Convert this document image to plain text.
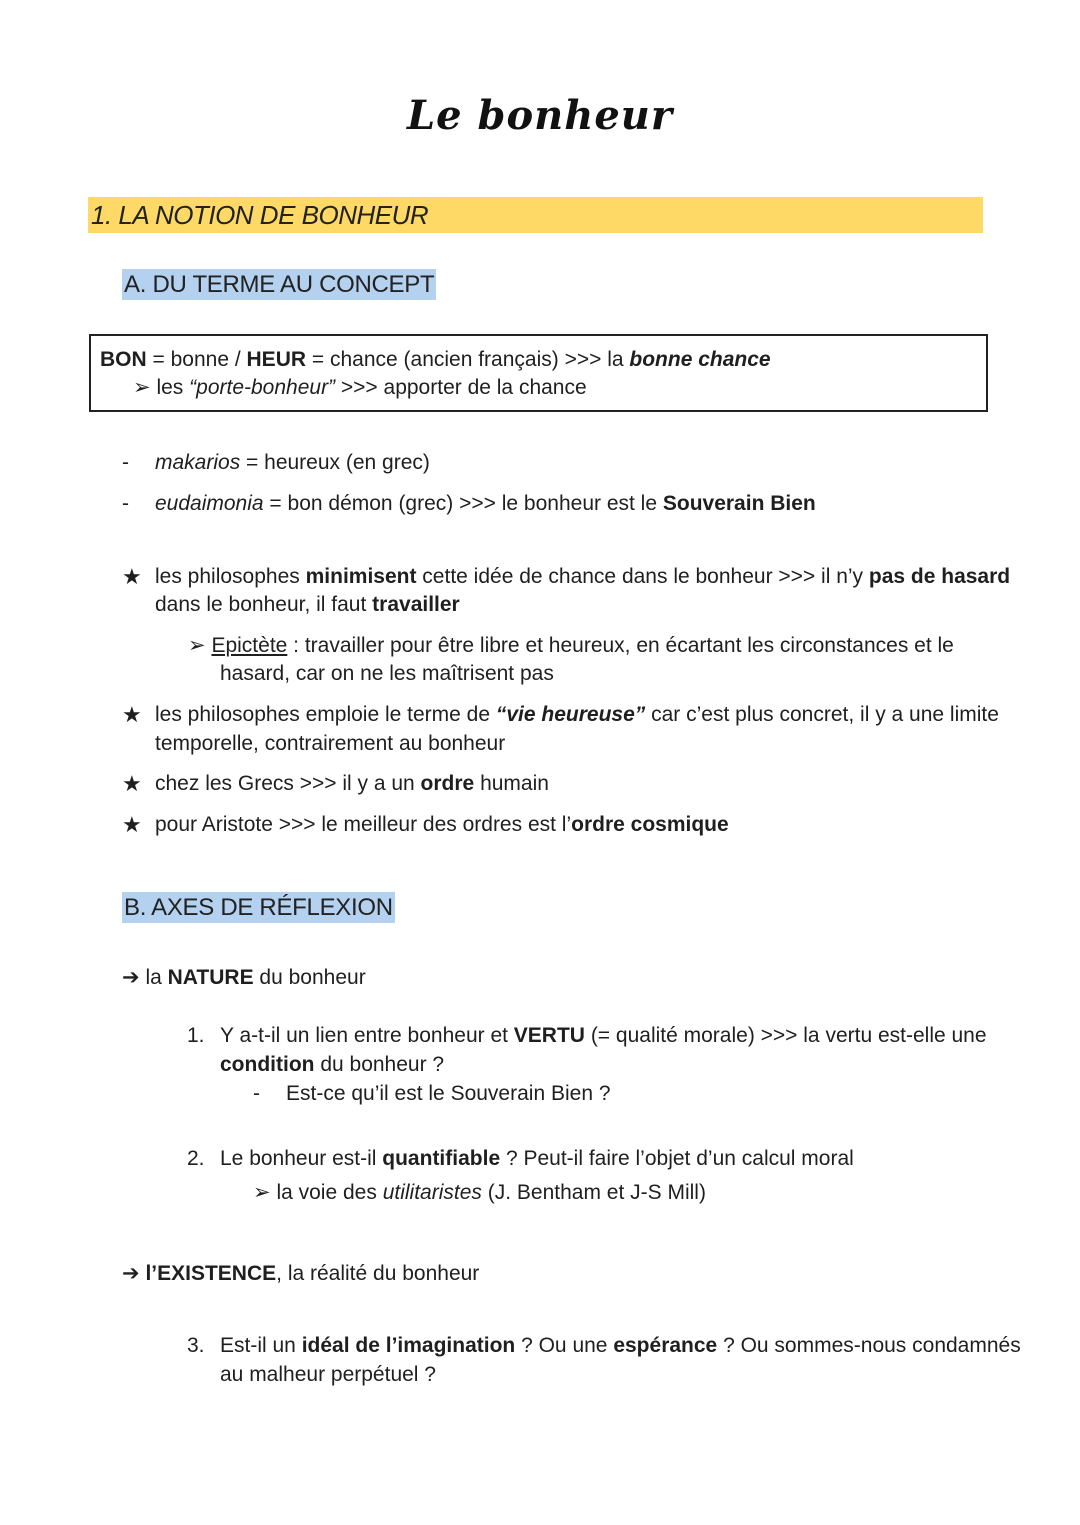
Le bonheur
1. LA NOTION DE BONHEUR
A. DU TERME AU CONCEPT
BON = bonne / HEUR = chance (ancien français) >>> la bonne chance
➢ les “porte-bonheur” >>> apporter de la chance
- makarios = heureux (en grec)
- eudaimonia = bon démon (grec) >>> le bonheur est le Souverain Bien
★ les philosophes minimisent cette idée de chance dans le bonheur >>> il n’y pas de hasard
dans le bonheur, il faut travailler
➢ Epictète : travailler pour être libre et heureux, en écartant les circonstances et le
hasard, car on ne les maîtrisent pas
★ les philosophes emploie le terme de “vie heureuse” car c’est plus concret, il y a une limite
temporelle, contrairement au bonheur
★ chez les Grecs >>> il y a un ordre humain
★ pour Aristote >>> le meilleur des ordres est l’ordre cosmique
B. AXES DE RÉFLEXION
➔ la NATURE du bonheur
1. Y a-t-il un lien entre bonheur et VERTU (= qualité morale) >>> la vertu est-elle une
condition du bonheur ?
- Est-ce qu’il est le Souverain Bien ?
2. Le bonheur est-il quantifiable ? Peut-il faire l’objet d’un calcul moral
➢ la voie des utilitaristes (J. Bentham et J-S Mill)
➔ l’EXISTENCE, la réalité du bonheur
3. Est-il un idéal de l’imagination ? Ou une espérance ? Ou sommes-nous condamnés
au malheur perpétuel ?
